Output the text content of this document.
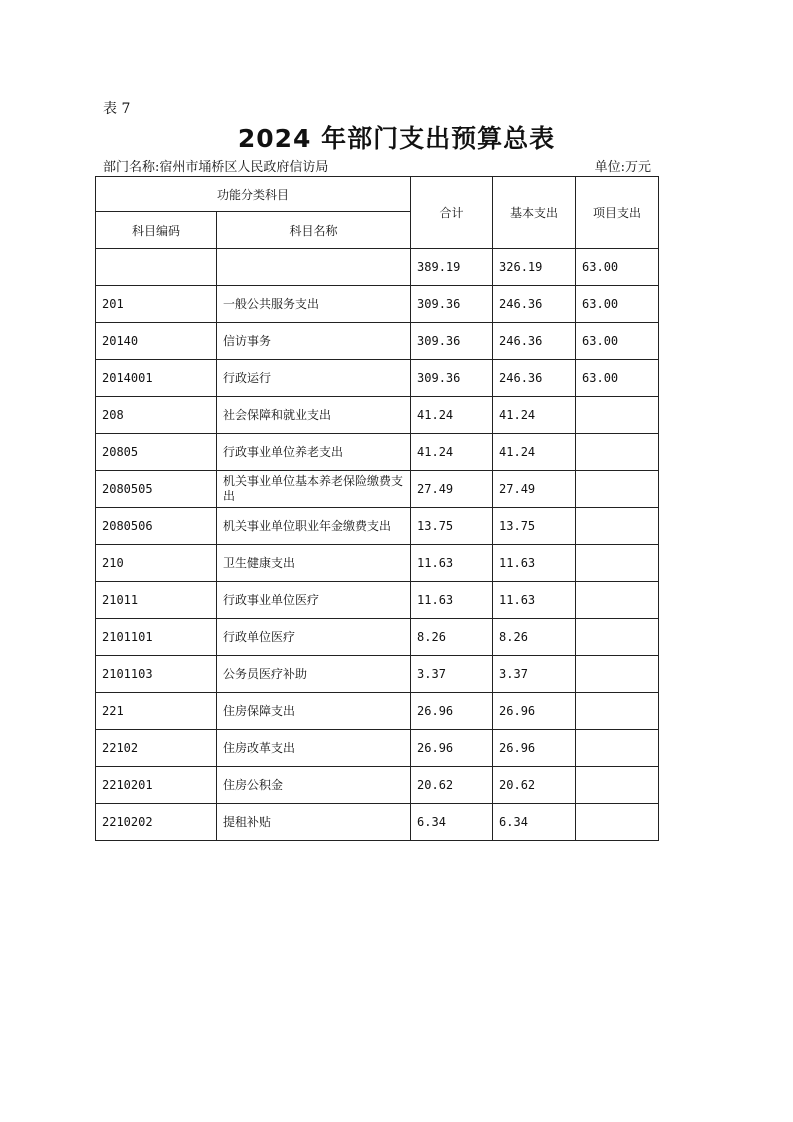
表 7
2024 年部门支出预算总表
部门名称:宿州市埇桥区人民政府信访局	单位:万元
功能分类科目		合计	基本支出	项目支出
科目编码	科目名称			
		389.19	326.19	63.00
201	一般公共服务支出	309.36	246.36	63.00
20140	信访事务	309.36	246.36	63.00
2014001	行政运行	309.36	246.36	63.00
208	社会保障和就业支出	41.24	41.24	
20805	行政事业单位养老支出	41.24	41.24	
2080505	机关事业单位基本养老保险缴费支出	27.49	27.49	
2080506	机关事业单位职业年金缴费支出	13.75	13.75	
210	卫生健康支出	11.63	11.63	
21011	行政事业单位医疗	11.63	11.63	
2101101	行政单位医疗	8.26	8.26	
2101103	公务员医疗补助	3.37	3.37	
221	住房保障支出	26.96	26.96	
22102	住房改革支出	26.96	26.96	
2210201	住房公积金	20.62	20.62	
2210202	提租补贴	6.34	6.34	
